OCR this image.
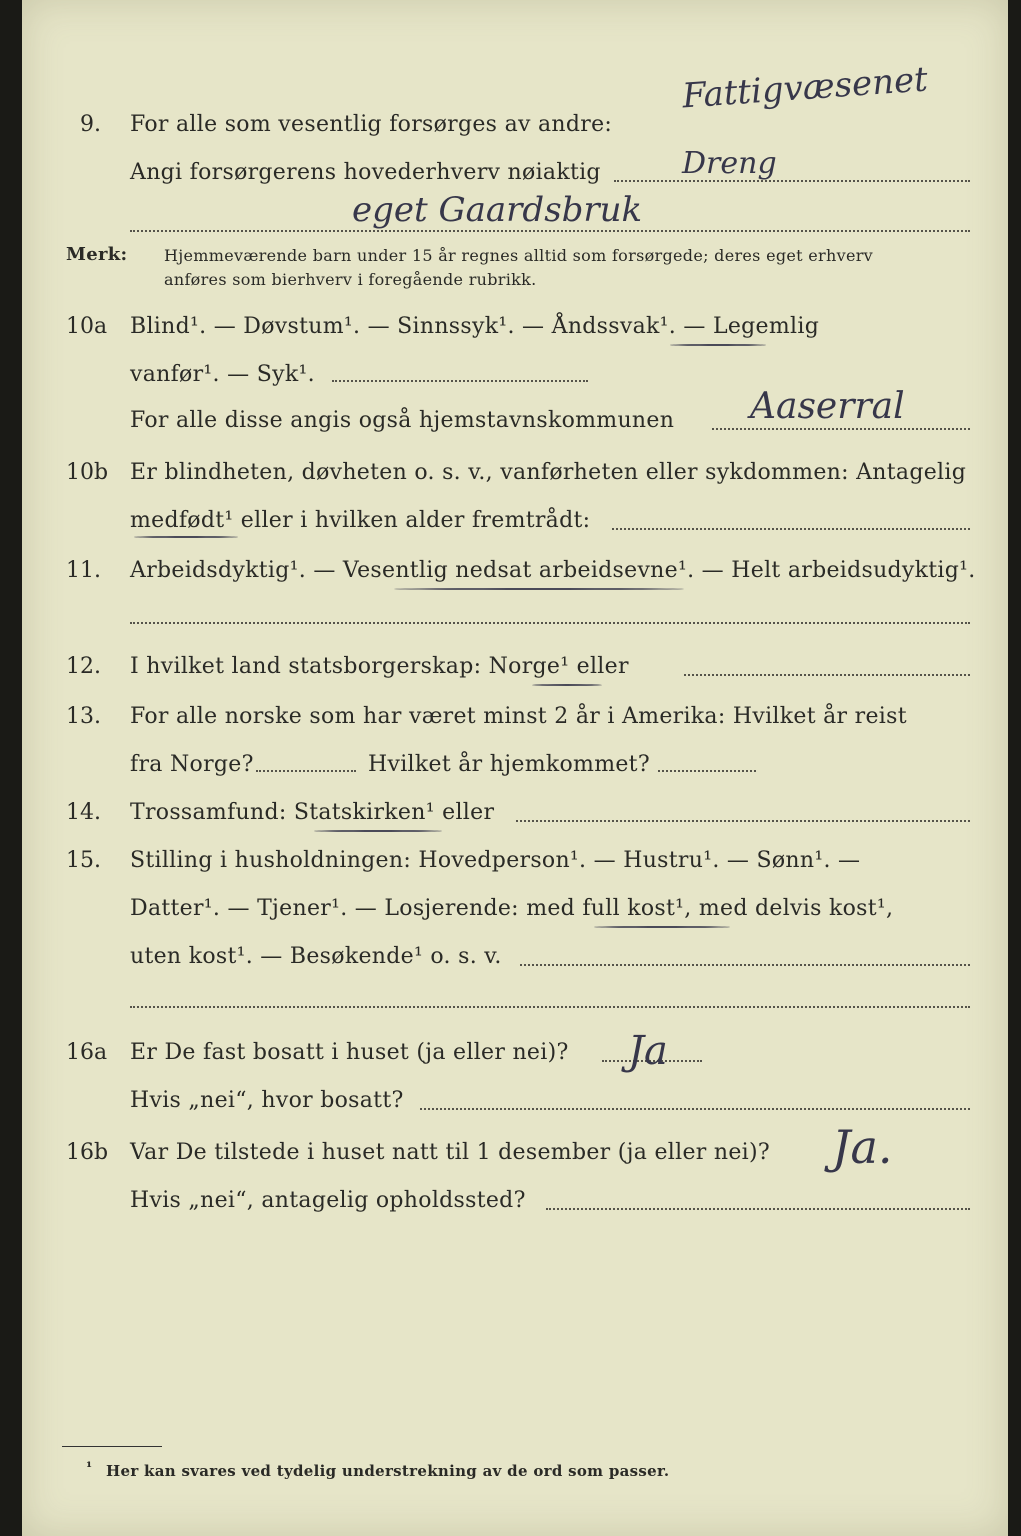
Fattigvæsenet
9. For alle som vesentlig forsørges av andre:
Angi forsørgerens hovederhverv nøiaktig	Dreng
eget Gaardsbruk
Merk: Hjemmeværende barn under 15 år regnes alltid som forsørgede; deres eget erhverv
anføres som bierhverv i foregående rubrikk.
10a Blind¹. — Døvstum¹. — Sinnssyk¹. — Åndssvak¹. — Legemlig
vanfør¹. — Syk¹.
For alle disse angis også hjemstavnskommunen Aaserral
10b Er blindheten, døvheten o. s. v., vanførheten eller sykdommen: Antagelig
medfødt¹ eller i hvilken alder fremtrådt:
11. Arbeidsdyktig¹. — Vesentlig nedsat arbeidsevne¹. — Helt arbeidsudyktig¹.
12. I hvilket land statsborgerskap: Norge¹ eller
13. For alle norske som har været minst 2 år i Amerika: Hvilket år reist
fra Norge?	Hvilket år hjemkommet?
14. Trossamfund: Statskirken¹ eller
15. Stilling i husholdningen: Hovedperson¹. — Hustru¹. — Sønn¹. —
Datter¹. — Tjener¹. — Losjerende: med full kost¹, med delvis kost¹,
uten kost¹. — Besøkende¹ o. s. v.
16a Er De fast bosatt i huset (ja eller nei)? Ja
Hvis „nei“, hvor bosatt?
16b Var De tilstede i huset natt til 1 desember (ja eller nei)? Ja.
Hvis „nei“, antagelig opholdssted?
¹ Her kan svares ved tydelig understrekning av de ord som passer.
